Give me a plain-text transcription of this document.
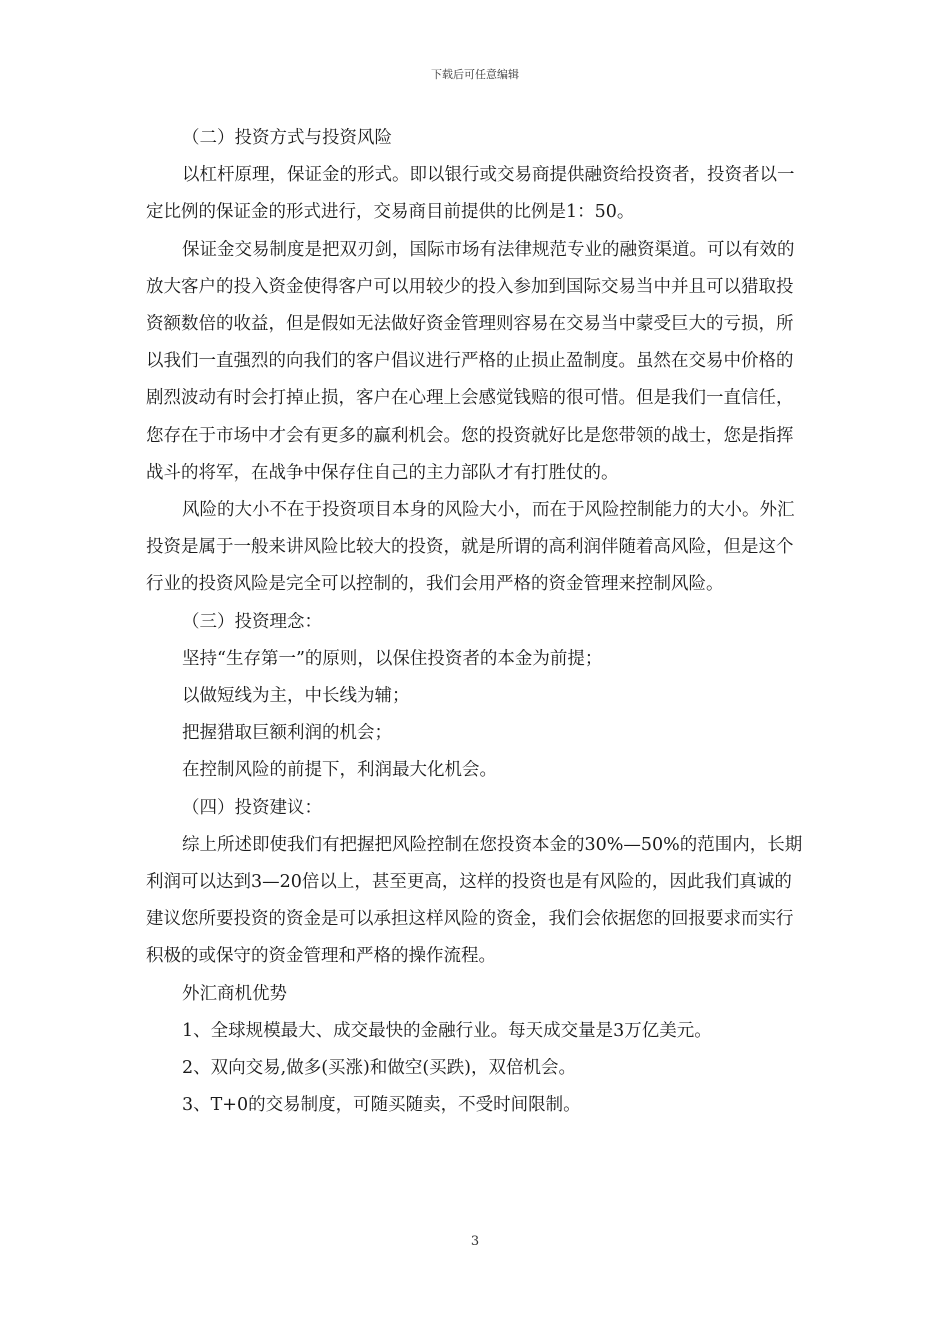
下载后可任意编辑

（二）投资方式与投资风险

以杠杆原理，保证金的形式。即以银行或交易商提供融资给投资者，投资者以一定比例的保证金的形式进行，交易商目前提供的比例是1：50。

保证金交易制度是把双刃剑，国际市场有法律规范专业的融资渠道。可以有效的放大客户的投入资金使得客户可以用较少的投入参加到国际交易当中并且可以猎取投资额数倍的收益，但是假如无法做好资金管理则容易在交易当中蒙受巨大的亏损，所以我们一直强烈的向我们的客户倡议进行严格的止损止盈制度。虽然在交易中价格的剧烈波动有时会打掉止损，客户在心理上会感觉钱赔的很可惜。但是我们一直信任，您存在于市场中才会有更多的赢利机会。您的投资就好比是您带领的战士，您是指挥战斗的将军，在战争中保存住自己的主力部队才有打胜仗的。

风险的大小不在于投资项目本身的风险大小，而在于风险控制能力的大小。外汇投资是属于一般来讲风险比较大的投资，就是所谓的高利润伴随着高风险，但是这个行业的投资风险是完全可以控制的，我们会用严格的资金管理来控制风险。

（三）投资理念：

坚持“生存第一”的原则，以保住投资者的本金为前提；

以做短线为主，中长线为辅；

把握猎取巨额利润的机会；

在控制风险的前提下，利润最大化机会。

（四）投资建议：

综上所述即使我们有把握把风险控制在您投资本金的30%—50%的范围内，长期利润可以达到3—20倍以上，甚至更高，这样的投资也是有风险的，因此我们真诚的建议您所要投资的资金是可以承担这样风险的资金，我们会依据您的回报要求而实行积极的或保守的资金管理和严格的操作流程。

外汇商机优势

1、全球规模最大、成交最快的金融行业。每天成交量是3万亿美元。

2、双向交易,做多(买涨)和做空(买跌)，双倍机会。

3、T+0的交易制度，可随买随卖，不受时间限制。

3
